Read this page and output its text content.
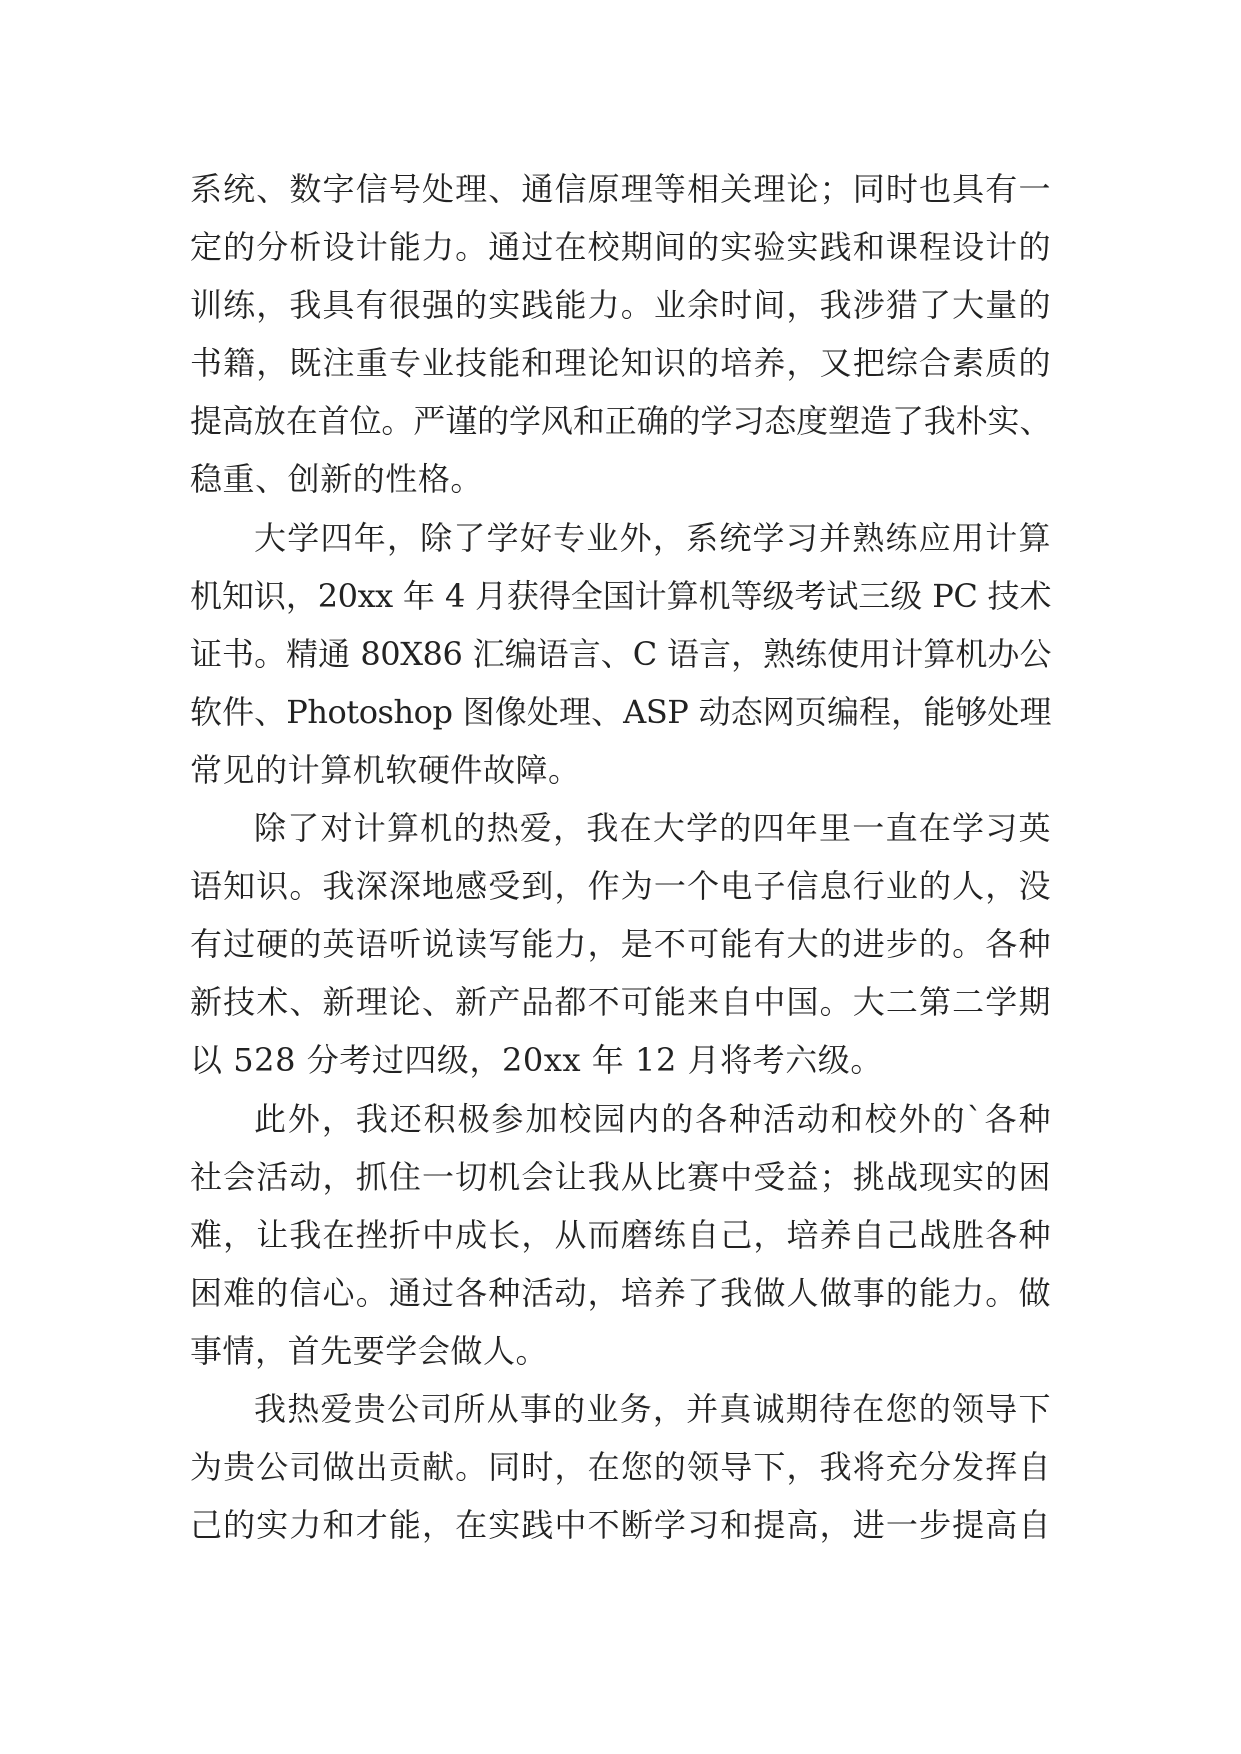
系统、数字信号处理、通信原理等相关理论；同时也具有一
定的分析设计能力。通过在校期间的实验实践和课程设计的
训练，我具有很强的实践能力。业余时间，我涉猎了大量的
书籍，既注重专业技能和理论知识的培养，又把综合素质的
提高放在首位。严谨的学风和正确的学习态度塑造了我朴实、
稳重、创新的性格。
大学四年，除了学好专业外，系统学习并熟练应用计算
机知识，20xx 年 4 月获得全国计算机等级考试三级 PC 技术
证书。精通 80X86 汇编语言、C 语言，熟练使用计算机办公
软件、Photoshop 图像处理、ASP 动态网页编程，能够处理
常见的计算机软硬件故障。
除了对计算机的热爱，我在大学的四年里一直在学习英
语知识。我深深地感受到，作为一个电子信息行业的人，没
有过硬的英语听说读写能力，是不可能有大的进步的。各种
新技术、新理论、新产品都不可能来自中国。大二第二学期
以 528 分考过四级，20xx 年 12 月将考六级。
此外，我还积极参加校园内的各种活动和校外的`各种
社会活动，抓住一切机会让我从比赛中受益；挑战现实的困
难，让我在挫折中成长，从而磨练自己，培养自己战胜各种
困难的信心。通过各种活动，培养了我做人做事的能力。做
事情，首先要学会做人。
我热爱贵公司所从事的业务，并真诚期待在您的领导下
为贵公司做出贡献。同时，在您的领导下，我将充分发挥自
己的实力和才能，在实践中不断学习和提高，进一步提高自
